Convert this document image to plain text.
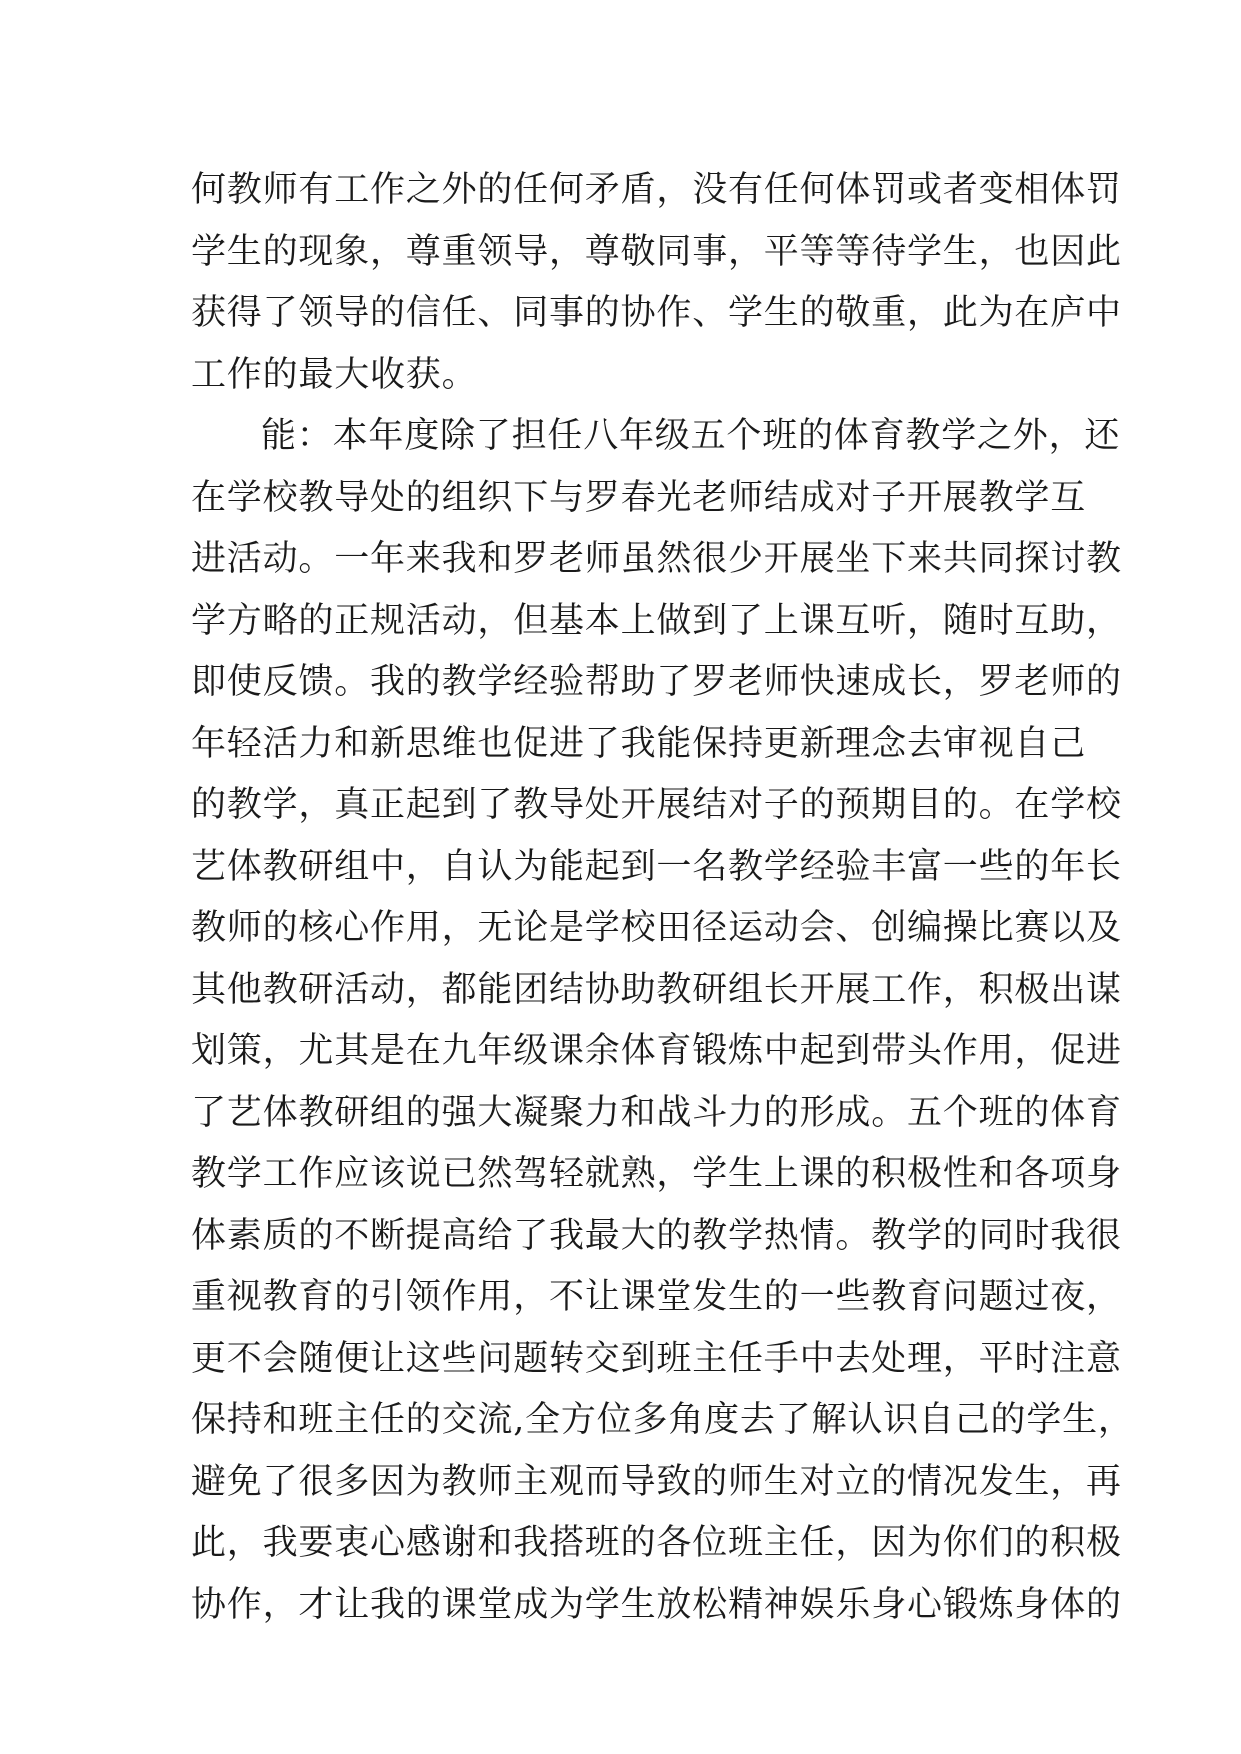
何教师有工作之外的任何矛盾，没有任何体罚或者变相体罚
学生的现象，尊重领导，尊敬同事，平等等待学生，也因此
获得了领导的信任、同事的协作、学生的敬重，此为在庐中
工作的最大收获。
能：本年度除了担任八年级五个班的体育教学之外，还
在学校教导处的组织下与罗春光老师结成对子开展教学互
进活动。一年来我和罗老师虽然很少开展坐下来共同探讨教
学方略的正规活动，但基本上做到了上课互听，随时互助，
即使反馈。我的教学经验帮助了罗老师快速成长，罗老师的
年轻活力和新思维也促进了我能保持更新理念去审视自己
的教学，真正起到了教导处开展结对子的预期目的。在学校
艺体教研组中，自认为能起到一名教学经验丰富一些的年长
教师的核心作用，无论是学校田径运动会、创编操比赛以及
其他教研活动，都能团结协助教研组长开展工作，积极出谋
划策，尤其是在九年级课余体育锻炼中起到带头作用，促进
了艺体教研组的强大凝聚力和战斗力的形成。五个班的体育
教学工作应该说已然驾轻就熟，学生上课的积极性和各项身
体素质的不断提高给了我最大的教学热情。教学的同时我很
重视教育的引领作用，不让课堂发生的一些教育问题过夜，
更不会随便让这些问题转交到班主任手中去处理，平时注意
保持和班主任的交流,全方位多角度去了解认识自己的学生，
避免了很多因为教师主观而导致的师生对立的情况发生，再
此，我要衷心感谢和我搭班的各位班主任，因为你们的积极
协作，才让我的课堂成为学生放松精神娱乐身心锻炼身体的
